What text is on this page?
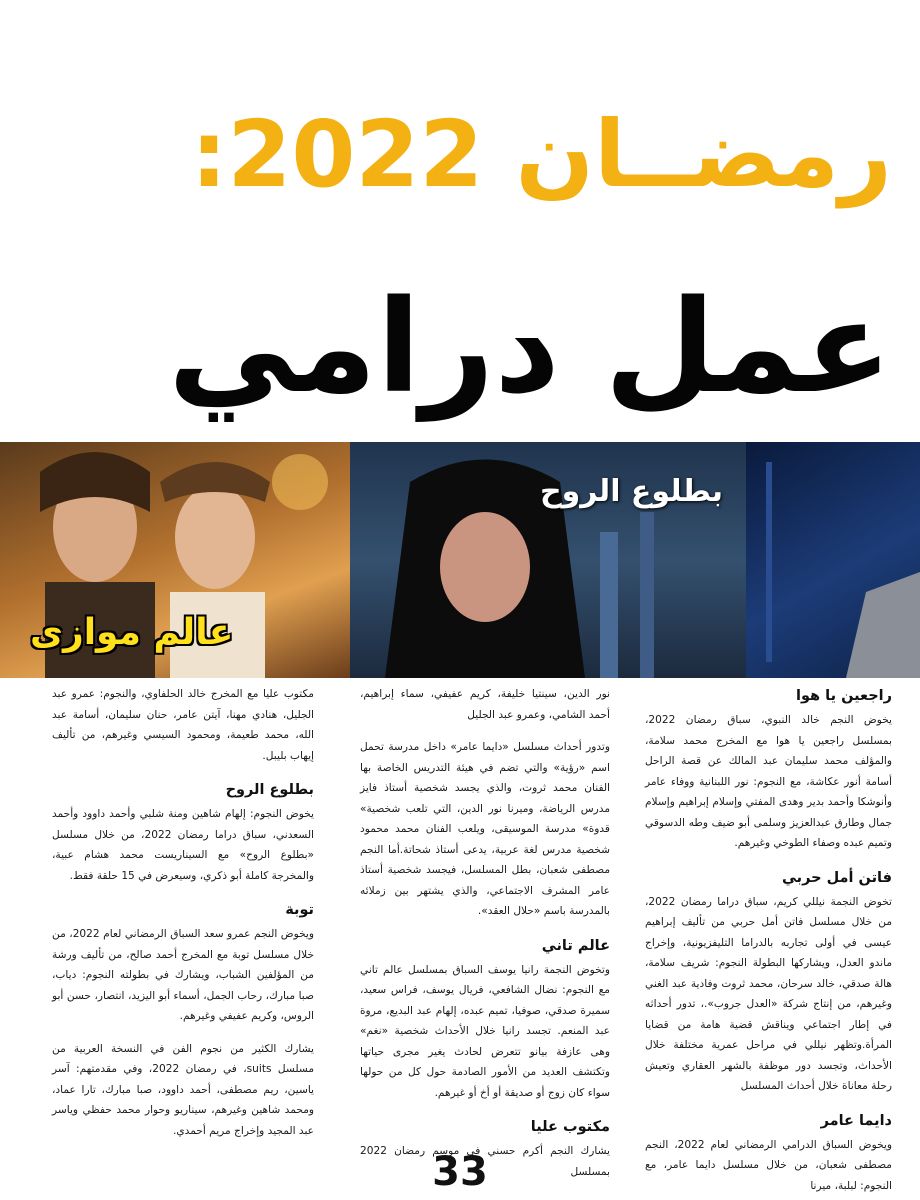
رمضــان 2022:
عمل درامي
عالم موازى
بطلوع الروح
راجعين يا هوا

يخوض النجم خالد النبوي، سباق رمضان 2022، بمسلسل راجعين يا هوا مع المخرج محمد سلامة، والمؤلف محمد سليمان عبد المالك عن قصة الراحل أسامة أنور عكاشة، مع النجوم: نور اللبنانية ووفاء عامر وأنوشكا وأحمد بدير وهدى المفتي وإسلام إبراهيم وإسلام جمال وطارق عبدالعزيز وسلمى أبو ضيف وطه الدسوقي وتميم عبده وصفاء الطوخي وغيرهم.

فاتن أمل حربي

تخوض النجمة نيللي كريم، سباق دراما رمضان 2022، من خلال مسلسل فاتن أمل حربي من تأليف إبراهيم عيسى في أولى تجاربه بالدراما التليفزيونية، وإخراج ماندو العدل، ويشاركها البطولة النجوم: شريف سلامة، هالة صدقي، خالد سرحان، محمد ثروت وفادية عبد الغني وغيرهم، من إنتاج شركة «العدل جروب».، تدور أحداثه في إطار اجتماعي ويناقش قضية هامة من قضايا المرأة.وتظهر نيللي في مراحل عمرية مختلفة خلال الأحداث، وتجسد دور موظفة بالشهر العقاري وتعيش رحلة معاناة خلال أحداث المسلسل

دايما عامر

ويخوض السباق الدرامي الرمضاني لعام 2022، النجم مصطفى شعبان، من خلال مسلسل دايما عامر، مع النجوم: لبلبة، ميرنا

نور الدين، سينتيا خليفة، كريم عفيفي، سماء إبراهيم، أحمد الشامي، وعمرو عبد الجليل

وتدور أحداث مسلسل «دايما عامر» داخل مدرسة تحمل اسم «رؤية» والتي تضم في هيئة التدريس الخاصة بها الفنان محمد ثروت، والذي يجسد شخصية أستاذ فايز مدرس الرياضة، وميرنا نور الدين، التي تلعب شخصية» قدوة» مدرسة الموسيقى، ويلعب الفنان محمد محمود شخصية مدرس لغة عربية، يدعى أستاذ شحاتة.أما النجم مصطفى شعبان، بطل المسلسل، فيجسد شخصية أستاذ عامر المشرف الاجتماعي، والذي يشتهر بين زملائه بالمدرسة باسم «حلال العقد».

عالم تاني

وتخوض النجمة رانيا يوسف السباق بمسلسل عالم تاني مع النجوم: نضال الشافعي، فريال يوسف، فراس سعيد، سميرة صدقي، صوفيا، تميم عبده، إلهام عبد البديع، مروة عبد المنعم. تجسد رانيا خلال الأحداث شخصية «نغم» وهى عازفة بيانو تتعرض لحادث يغير مجرى حياتها وتكتشف العديد من الأمور الصادمة حول كل من حولها سواء كان زوج أو صديقة أو أخ أو غيرهم.

مكتوب عليا

يشارك النجم أكرم حسني في موسم رمضان 2022 بمسلسل

مكتوب عليا مع المخرج خالد الحلفاوي، والنجوم: عمرو عبد الجليل، هنادي مهنا، آيتن عامر، حنان سليمان، أسامة عبد الله، محمد طعيمة، ومحمود السيسي وغيرهم، من تأليف إيهاب بليبل.

بطلوع الروح

يخوض النجوم: إلهام شاهين ومنة شلبي وأحمد داوود وأحمد السعدني، سباق دراما رمضان 2022، من خلال مسلسل «بطلوع الروح» مع السيناريست محمد هشام عبية، والمخرجة كاملة أبو ذكري، وسيعرض في 15 حلقة فقط.

توبة

ويخوض النجم عمرو سعد السباق الرمضاني لعام 2022، من خلال مسلسل توبة مع المخرج أحمد صالح، من تأليف ورشة من المؤلفين الشباب، ويشارك في بطولته النجوم: دياب، صبا مبارك، رحاب الجمل، أسماء أبو اليزيد، انتصار، حسن أبو الروس، وكريم عفيفي وغيرهم.

يشارك الكثير من نجوم الفن في النسخة العربية من مسلسل suits، في رمضان 2022، وفي مقدمتهم: آسر ياسين، ريم مصطفى، أحمد داوود، صبا مبارك، تارا عماد، ومحمد شاهين وغيرهم، سيناريو وحوار محمد حفظي وياسر عبد المجيد وإخراج مريم أحمدي.

33
